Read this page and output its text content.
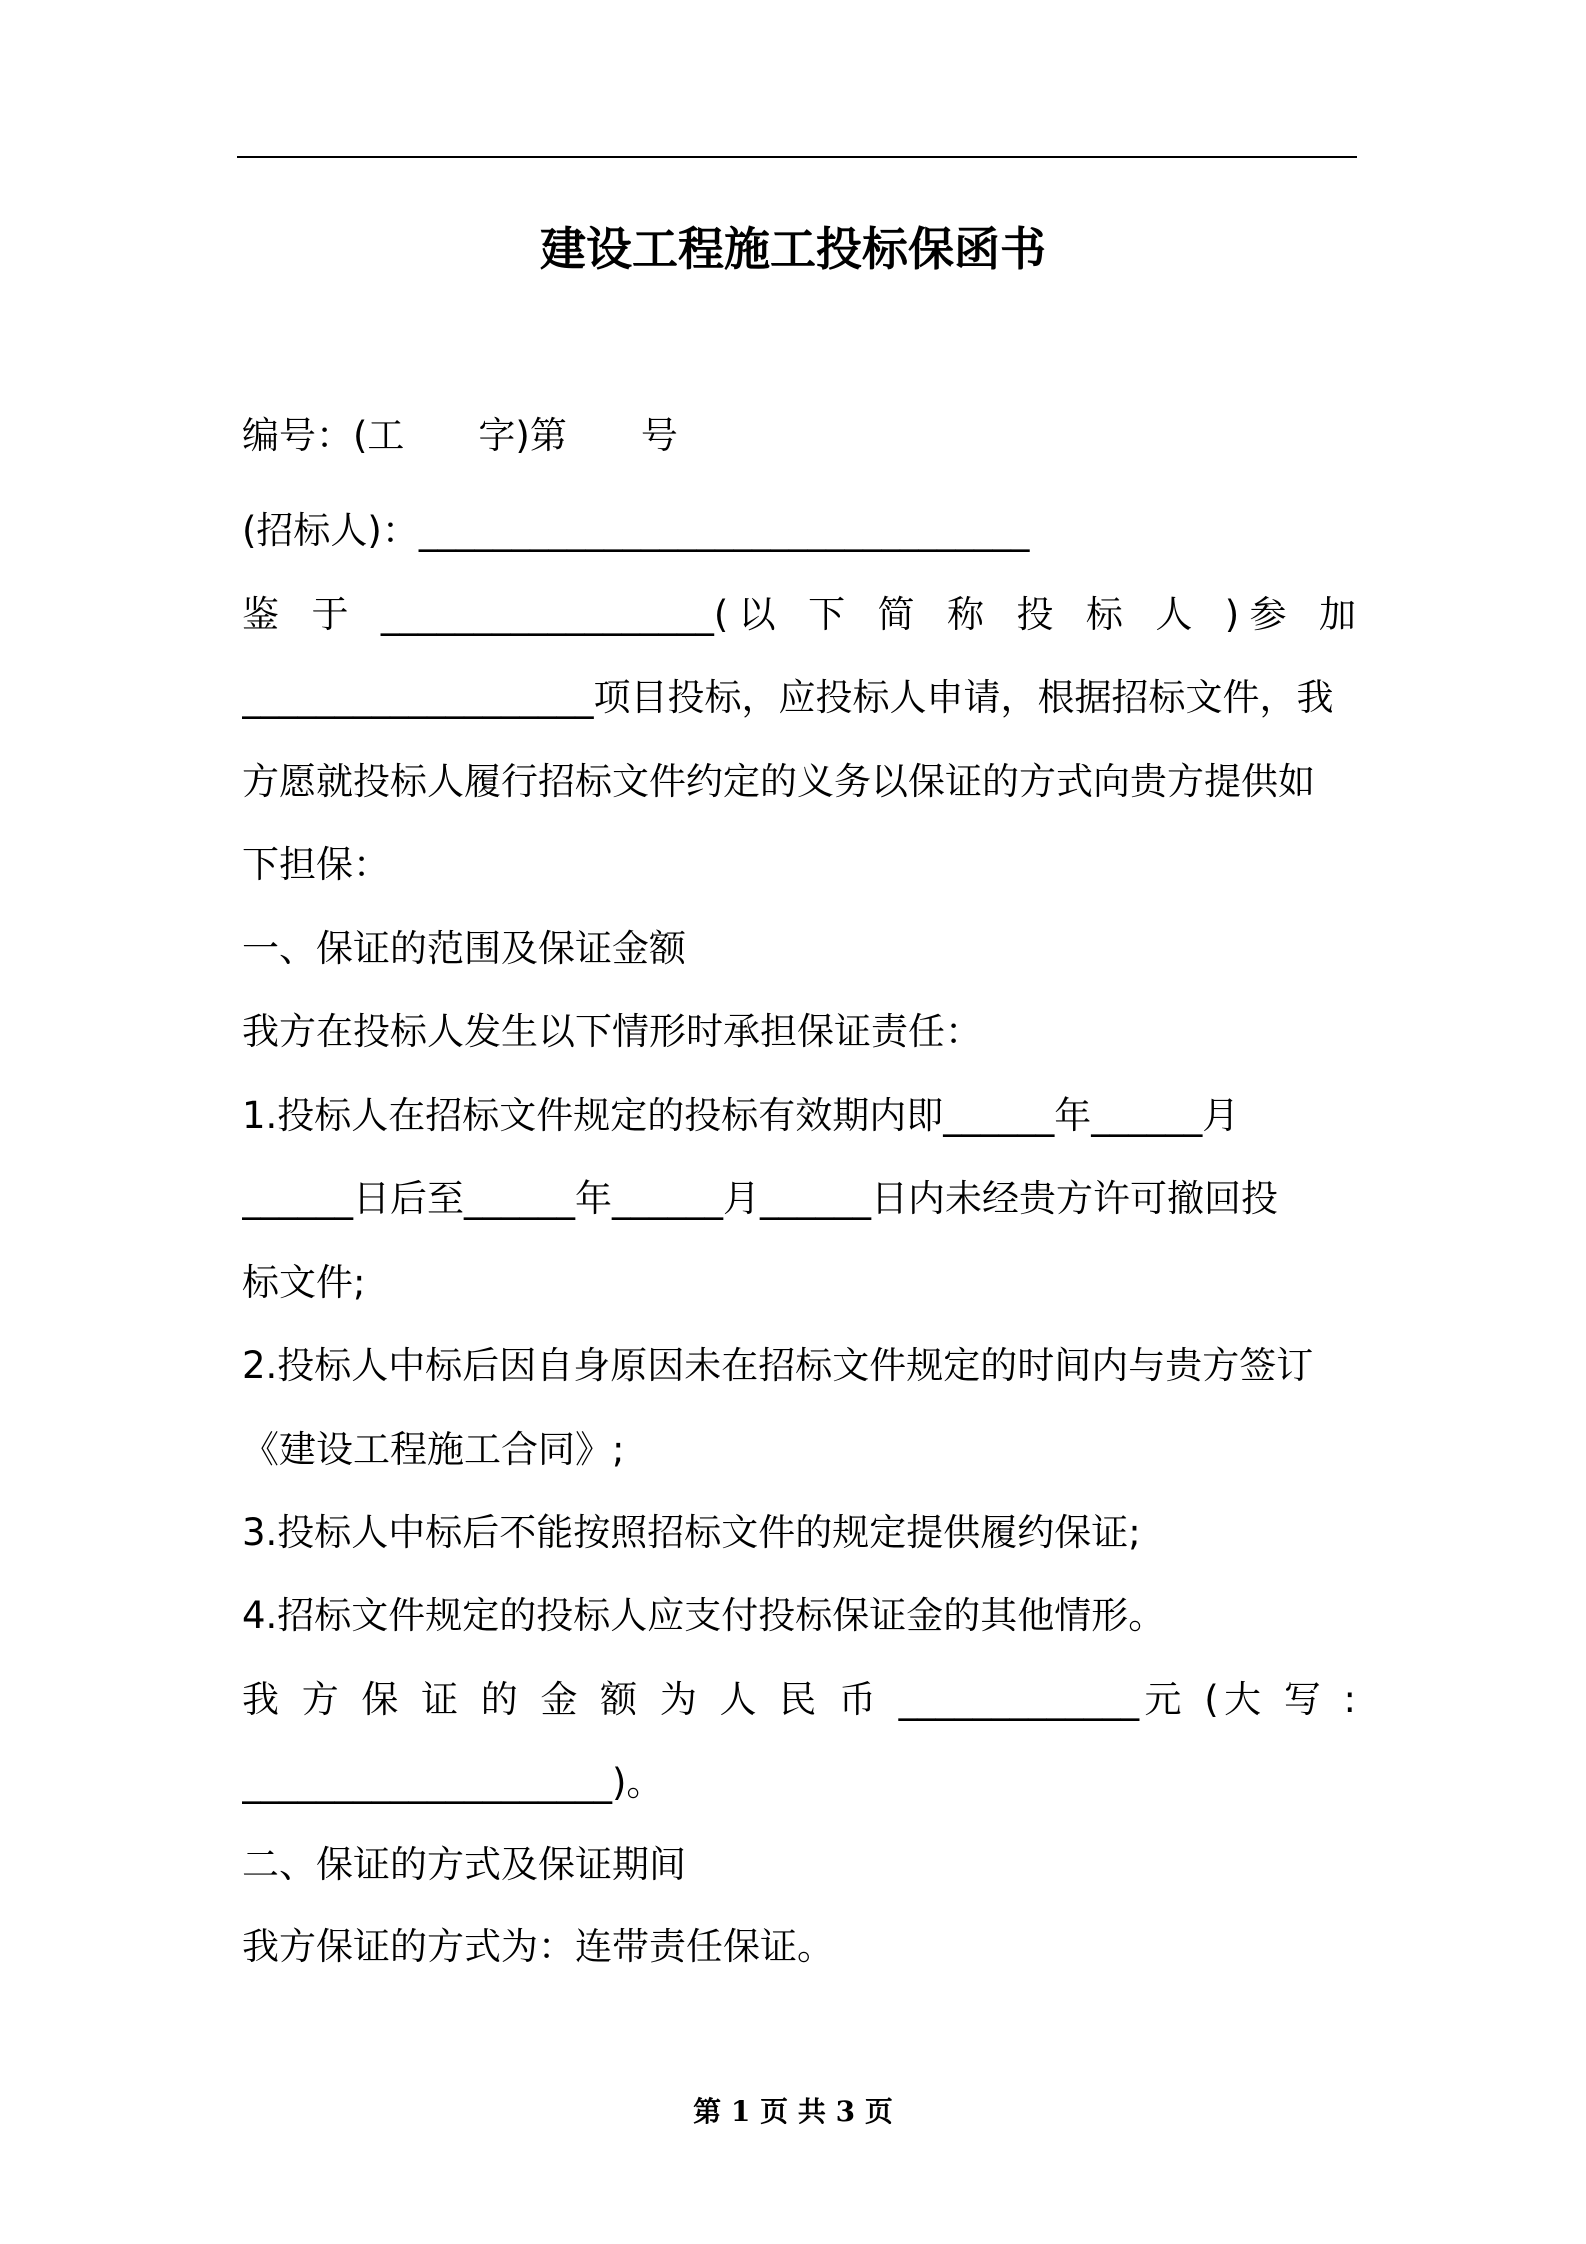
建设工程施工投标保函书
编号：(工　　字)第　　号
(招标人)：_________________________________
鉴 于 __________________(以 下 简 称 投 标 人 )参 加
___________________项目投标，应投标人申请，根据招标文件，我
方愿就投标人履行招标文件约定的义务以保证的方式向贵方提供如
下担保：
一、保证的范围及保证金额
我方在投标人发生以下情形时承担保证责任：
1.投标人在招标文件规定的投标有效期内即______年______月
______日后至______年______月______日内未经贵方许可撤回投
标文件;
2.投标人中标后因自身原因未在招标文件规定的时间内与贵方签订
《建设工程施工合同》;
3.投标人中标后不能按照招标文件的规定提供履约保证;
4.招标文件规定的投标人应支付投标保证金的其他情形。
我 方 保 证 的 金 额 为 人 民 币 _____________元 (大 写 :
____________________)。
二、保证的方式及保证期间
我方保证的方式为：连带责任保证。
第 1 页 共 3 页
